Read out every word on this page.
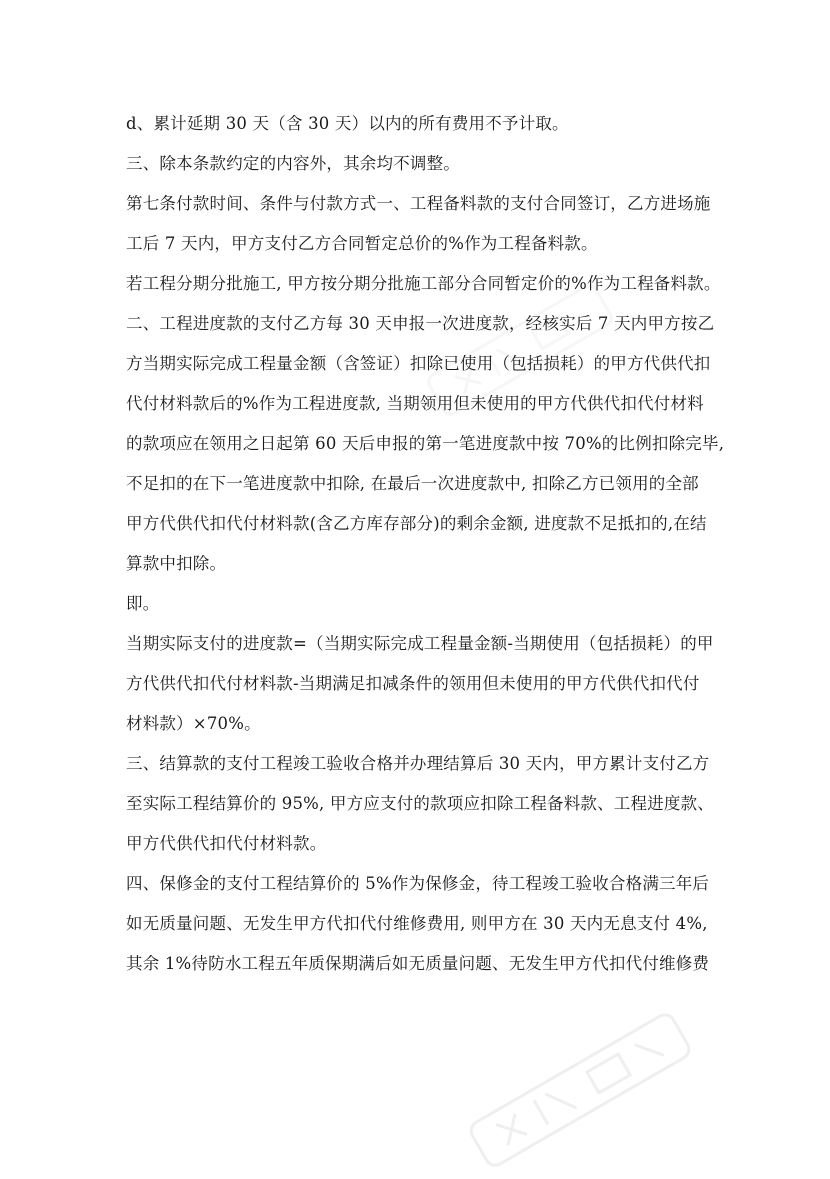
d、累计延期 30 天（含 30 天）以内的所有费用不予计取。
三、除本条款约定的内容外，其余均不调整。
第七条付款时间、条件与付款方式一、工程备料款的支付合同签订，乙方进场施
工后 7 天内，甲方支付乙方合同暂定总价的%作为工程备料款。
若工程分期分批施工, 甲方按分期分批施工部分合同暂定价的%作为工程备料款。
二、工程进度款的支付乙方每 30 天申报一次进度款，经核实后 7 天内甲方按乙
方当期实际完成工程量金额（含签证）扣除已使用（包括损耗）的甲方代供代扣
代付材料款后的%作为工程进度款, 当期领用但未使用的甲方代供代扣代付材料
的款项应在领用之日起第 60 天后申报的第一笔进度款中按 70%的比例扣除完毕,
不足扣的在下一笔进度款中扣除, 在最后一次进度款中, 扣除乙方已领用的全部
甲方代供代扣代付材料款(含乙方库存部分)的剩余金额, 进度款不足抵扣的,在结
算款中扣除。
即。
当期实际支付的进度款=（当期实际完成工程量金额-当期使用（包括损耗）的甲
方代供代扣代付材料款-当期满足扣减条件的领用但未使用的甲方代供代扣代付
材料款）×70%。
三、结算款的支付工程竣工验收合格并办理结算后 30 天内，甲方累计支付乙方
至实际工程结算价的 95%, 甲方应支付的款项应扣除工程备料款、工程进度款、
甲方代供代扣代付材料款。
四、保修金的支付工程结算价的 5%作为保修金，待工程竣工验收合格满三年后
如无质量问题、无发生甲方代扣代付维修费用, 则甲方在 30 天内无息支付 4%,
其余 1%待防水工程五年质保期满后如无质量问题、无发生甲方代扣代付维修费
